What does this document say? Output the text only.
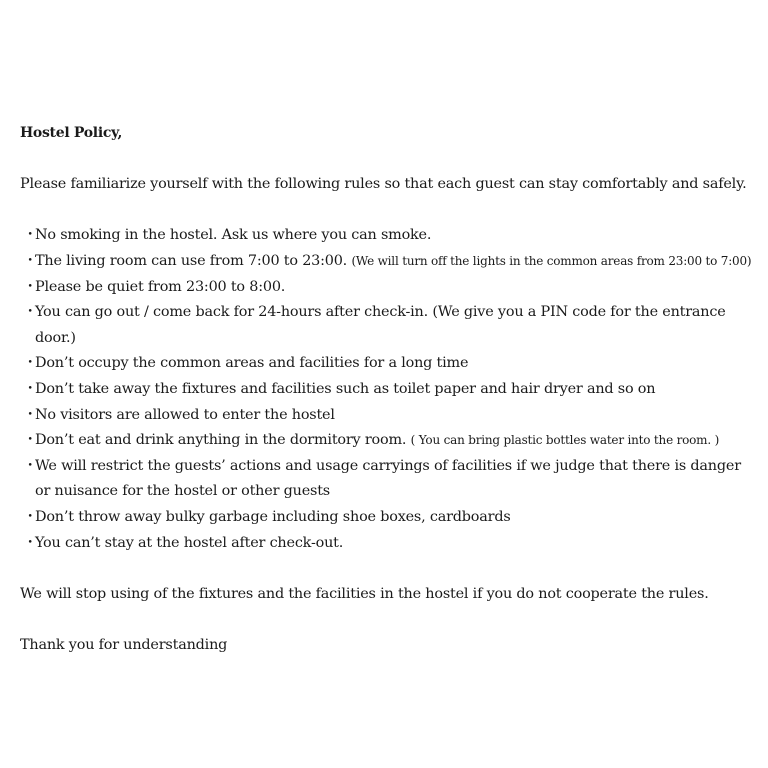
Hostel Policy,
Please familiarize yourself with the following rules so that each guest can stay comfortably and safely.
・
No smoking in the hostel. Ask us where you can smoke.
・
The living room can use from 7:00 to 23:00. (We will turn off the lights in the common areas from 23:00 to 7:00)
・
Please be quiet from 23:00 to 8:00.
・
You can go out / come back for 24-hours after check-in. (We give you a PIN code for the entrance door.)
・
Don’t occupy the common areas and facilities for a long time
・
Don’t take away the fixtures and facilities such as toilet paper and hair dryer and so on
・
No visitors are allowed to enter the hostel
・
Don’t eat and drink anything in the dormitory room. ( You can bring plastic bottles water into the room. )
・
We will restrict the guests’ actions and usage carryings of facilities if we judge that there is danger or nuisance for the hostel or other guests
・
Don’t throw away bulky garbage including shoe boxes, cardboards
・
You can’t stay at the hostel after check-out.
We will stop using of the fixtures and the facilities in the hostel if you do not cooperate the rules.
Thank you for understanding
